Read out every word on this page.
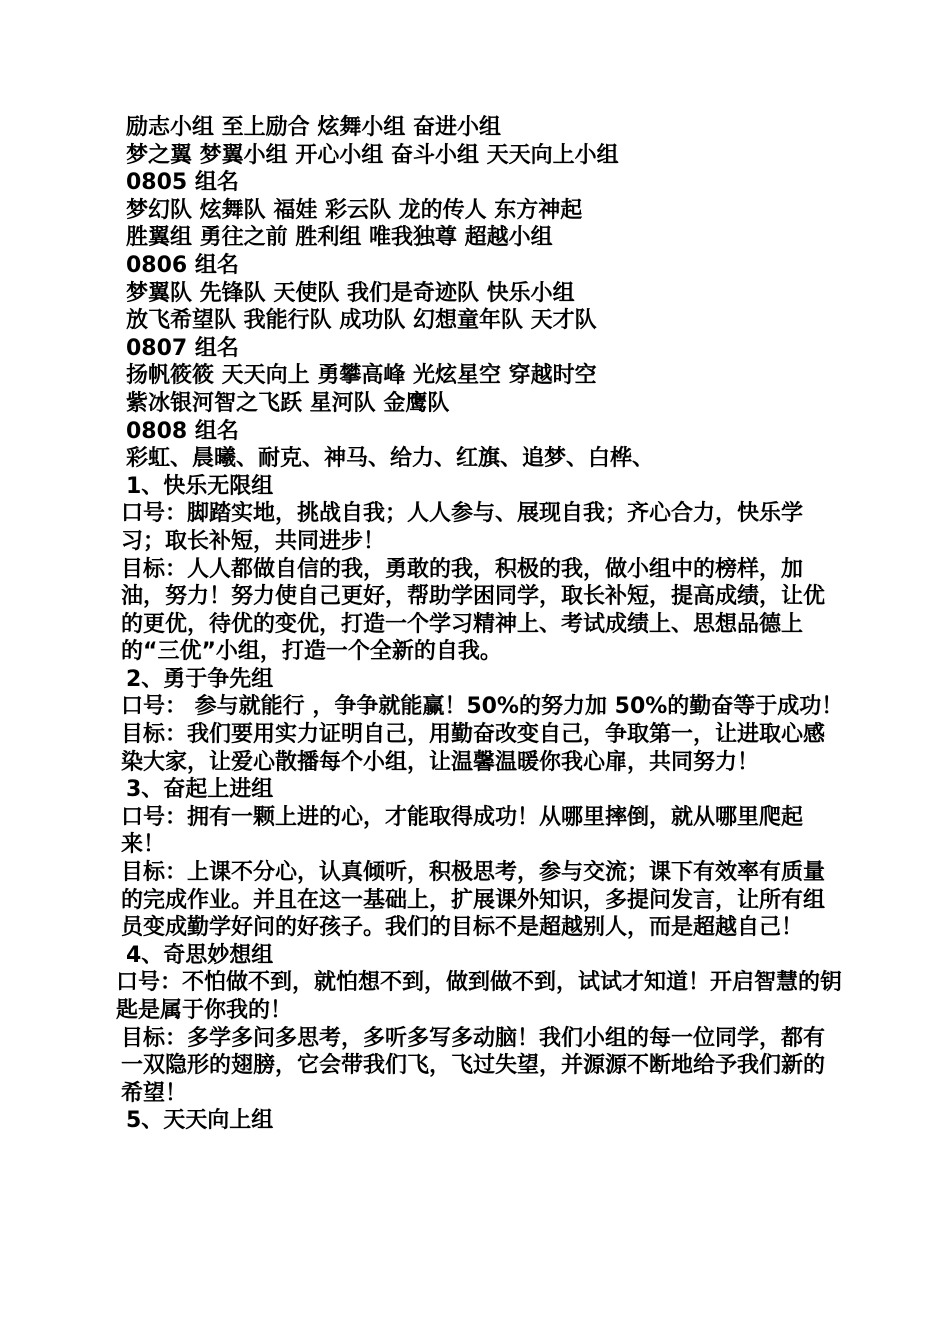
励志小组 至上励合 炫舞小组 奋进小组
梦之翼 梦翼小组 开心小组 奋斗小组 天天向上小组
0805 组名
梦幻队 炫舞队 福娃 彩云队 龙的传人 东方神起
胜翼组 勇往之前 胜利组 唯我独尊 超越小组
0806 组名
梦翼队 先锋队 天使队 我们是奇迹队 快乐小组
放飞希望队 我能行队 成功队 幻想童年队 天才队
0807 组名
扬帆筱筱 天天向上 勇攀高峰 光炫星空 穿越时空
紫冰银河智之飞跃 星河队 金鹰队
0808 组名
彩虹、晨曦、耐克、神马、给力、红旗、追梦、白桦、
1、快乐无限组
口号：脚踏实地，挑战自我；人人参与、展现自我；齐心合力，快乐学习；取长补短，共同进步！
目标：人人都做自信的我，勇敢的我，积极的我，做小组中的榜样，加油，努力！努力使自己更好，帮助学困同学，取长补短，提高成绩，让优的更优，待优的变优，打造一个学习精神上、考试成绩上、思想品德上的“三优”小组，打造一个全新的自我。
2、勇于争先组
口号： 参与就能行 ，争争就能赢！50%的努力加 50%的勤奋等于成功！
目标：我们要用实力证明自己，用勤奋改变自己，争取第一，让进取心感染大家，让爱心散播每个小组，让温馨温暖你我心扉，共同努力！
3、奋起上进组
口号：拥有一颗上进的心，才能取得成功！从哪里摔倒，就从哪里爬起来！
目标：上课不分心，认真倾听，积极思考，参与交流；课下有效率有质量的完成作业。并且在这一基础上，扩展课外知识，多提问发言，让所有组员变成勤学好问的好孩子。我们的目标不是超越别人，而是超越自己！
4、奇思妙想组
口号：不怕做不到，就怕想不到，做到做不到，试试才知道！开启智慧的钥匙是属于你我的！
目标：多学多问多思考，多听多写多动脑！我们小组的每一位同学，都有一双隐形的翅膀，它会带我们飞，飞过失望，并源源不断地给予我们新的希望！
5、天天向上组
